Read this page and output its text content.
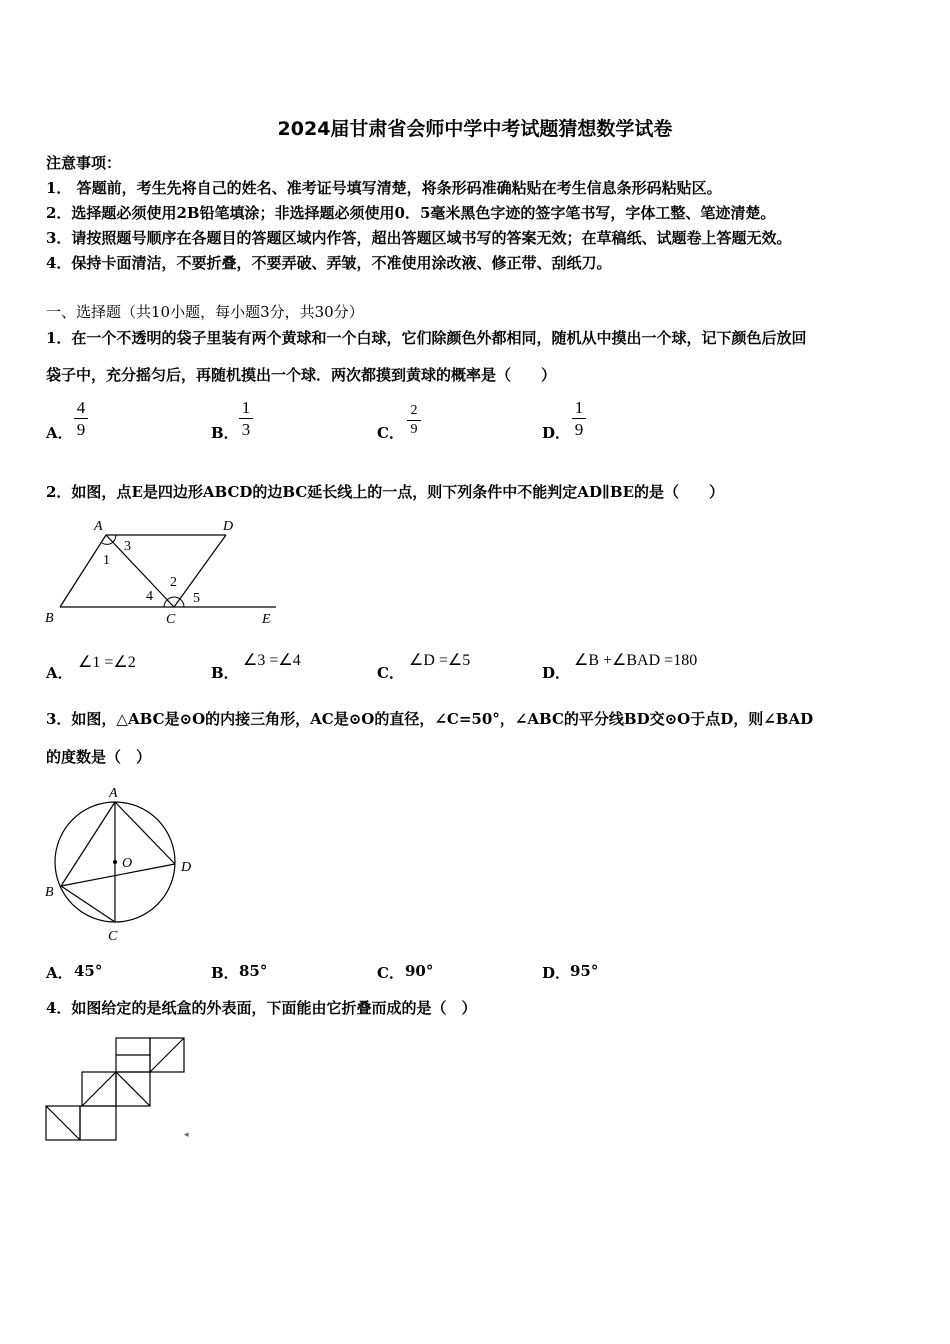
2024届甘肃省会师中学中考试题猜想数学试卷
注意事项：
1． 答题前，考生先将自己的姓名、准考证号填写清楚，将条形码准确粘贴在考生信息条形码粘贴区。
2．选择题必须使用2B铅笔填涂；非选择题必须使用0．5毫米黑色字迹的签字笔书写，字体工整、笔迹清楚。
3．请按照题号顺序在各题目的答题区域内作答，超出答题区域书写的答案无效；在草稿纸、试题卷上答题无效。
4．保持卡面清洁，不要折叠，不要弄破、弄皱，不准使用涂改液、修正带、刮纸刀。
一、选择题（共10小题，每小题3分，共30分）
1．在一个不透明的袋子里装有两个黄球和一个白球，它们除颜色外都相同，随机从中摸出一个球，记下颜色后放回
袋子中，充分摇匀后，再随机摸出一个球．两次都摸到黄球的概率是（　　）
A．
4
9	B．
1
3	C．
2
9	D．
1
9
2．如图，点E是四边形ABCD的边BC延长线上的一点，则下列条件中不能判定AD∥BE的是（　　）
A	D
B	C	E
1
2
3
4	5
A．
∠1 =∠2
B．
∠3 =∠4
C．
∠D =∠5
D．
∠B +∠BAD =180
3．如图，△ABC是⊙O的内接三角形，AC是⊙O的直径，∠C=50°，∠ABC的平分线BD交⊙O于点D，则∠BAD
的度数是（　）
A
B
C
D
O
A． 45°	B． 85°	C． 90°	D． 95°
4．如图给定的是纸盒的外表面，下面能由它折叠而成的是（　）
◂
